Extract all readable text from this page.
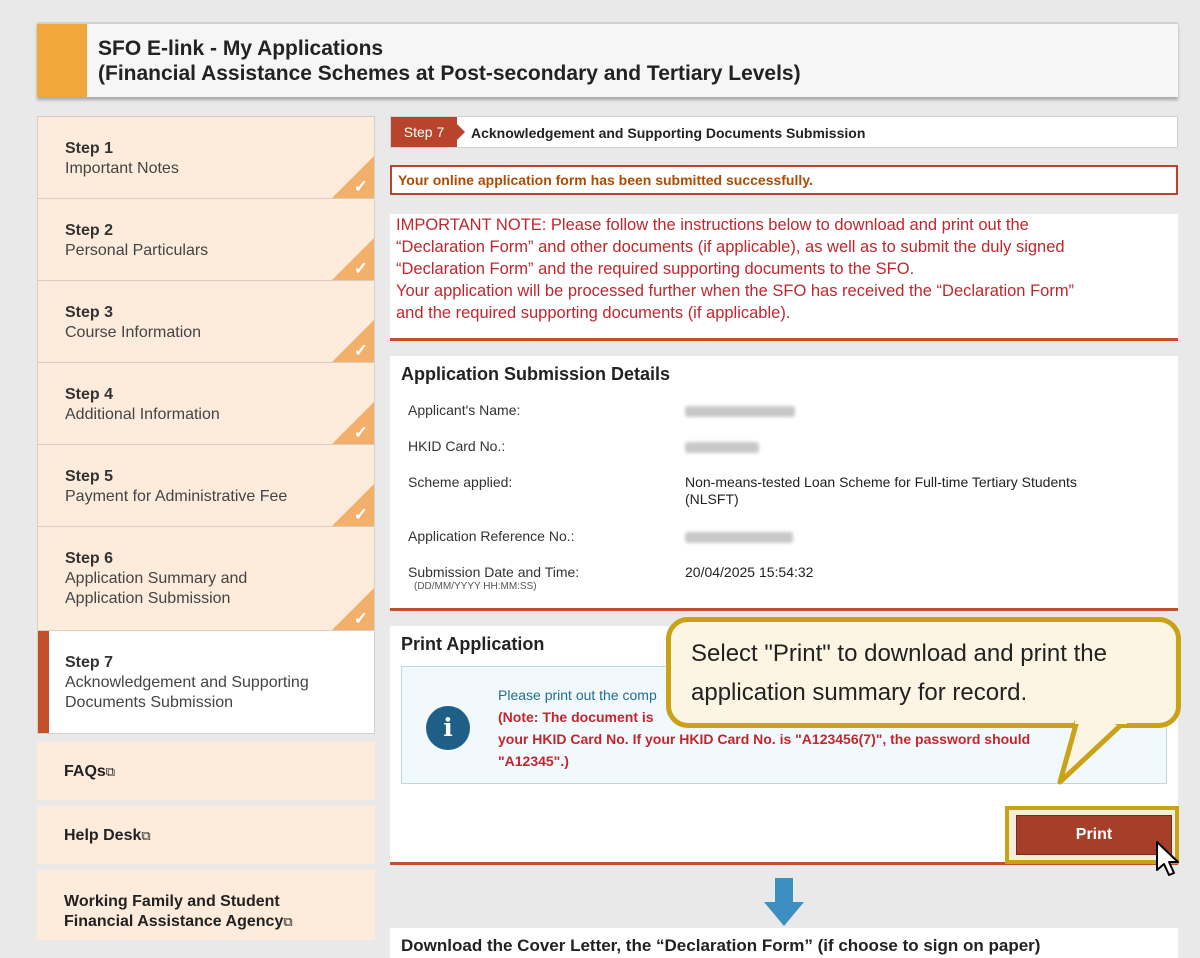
SFO E-link - My Applications
(Financial Assistance Schemes at Post-secondary and Tertiary Levels)
Step 1
Important Notes
✓
Step 2
Personal Particulars
✓
Step 3
Course Information
✓
Step 4
Additional Information
✓
Step 5
Payment for Administrative Fee
✓
Step 6
Application Summary and
Application Submission
✓
Step 7
Acknowledgement and Supporting
Documents Submission
FAQs⧉
Help Desk⧉
Working Family and Student
Financial Assistance Agency⧉
Step 7	Acknowledgement and Supporting Documents Submission
Your online application form has been submitted successfully.
IMPORTANT NOTE: Please follow the instructions below to download and print out the
“Declaration Form” and other documents (if applicable), as well as to submit the duly signed
“Declaration Form” and the required supporting documents to the SFO.
Your application will be processed further when the SFO has received the “Declaration Form”
and the required supporting documents (if applicable).
Application Submission Details
Applicant's Name:
HKID Card No.:
Scheme applied:	Non-means-tested Loan Scheme for Full-time Tertiary Students
(NLSFT)
Application Reference No.:
Submission Date and Time:
(DD/MM/YYYY HH:MM:SS)
20/04/2025 15:54:32
Print Application
i
Please print out the comp
(Note: The document is
your HKID Card No. If your HKID Card No. is "A123456(7)", the password should
"A12345".)
Print
Select "Print" to download and print the
application summary for record.
Download the Cover Letter, the “Declaration Form” (if choose to sign on paper)
